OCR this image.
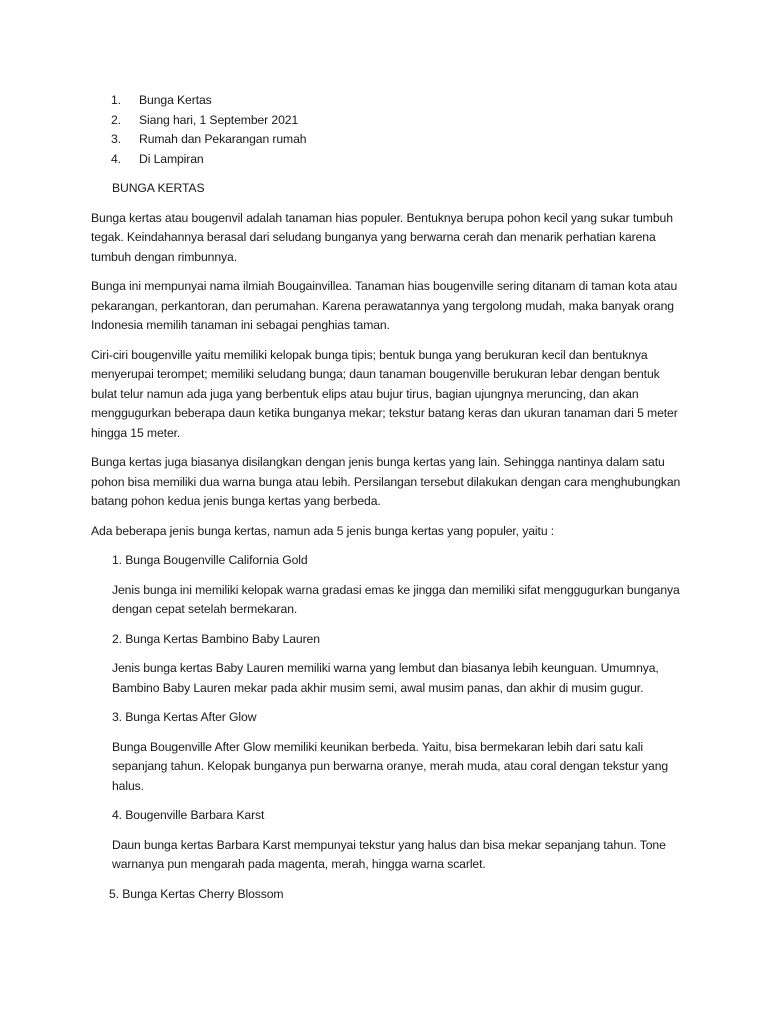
1.	Bunga Kertas
2.	Siang hari, 1 September 2021
3.	Rumah dan Pekarangan rumah
4.	Di Lampiran
BUNGA KERTAS

Bunga kertas atau bougenvil adalah tanaman hias populer. Bentuknya berupa pohon kecil yang sukar tumbuh tegak. Keindahannya berasal dari seludang bunganya yang berwarna cerah dan menarik perhatian karena tumbuh dengan rimbunnya.

Bunga ini mempunyai nama ilmiah Bougainvillea. Tanaman hias bougenville sering ditanam di taman kota atau pekarangan, perkantoran, dan perumahan. Karena perawatannya yang tergolong mudah, maka banyak orang Indonesia memilih tanaman ini sebagai penghias taman.

Ciri-ciri bougenville yaitu memiliki kelopak bunga tipis; bentuk bunga yang berukuran kecil dan bentuknya menyerupai terompet; memiliki seludang bunga; daun tanaman bougenville berukuran lebar dengan bentuk bulat telur namun ada juga yang berbentuk elips atau bujur tirus, bagian ujungnya meruncing, dan akan menggugurkan beberapa daun ketika bunganya mekar; tekstur batang keras dan ukuran tanaman dari 5 meter hingga 15 meter.

Bunga kertas juga biasanya disilangkan dengan jenis bunga kertas yang lain. Sehingga nantinya dalam satu pohon bisa memiliki dua warna bunga atau lebih. Persilangan tersebut dilakukan dengan cara menghubungkan batang pohon kedua jenis bunga kertas yang berbeda.

Ada beberapa jenis bunga kertas, namun ada 5 jenis bunga kertas yang populer, yaitu :

1. Bunga Bougenville California Gold

Jenis bunga ini memiliki kelopak warna gradasi emas ke jingga dan memiliki sifat menggugurkan bunganya dengan cepat setelah bermekaran.

2. Bunga Kertas Bambino Baby Lauren

Jenis bunga kertas Baby Lauren memiliki warna yang lembut dan biasanya lebih keunguan. Umumnya, Bambino Baby Lauren mekar pada akhir musim semi, awal musim panas, dan akhir di musim gugur.

3. Bunga Kertas After Glow

Bunga Bougenville After Glow memiliki keunikan berbeda. Yaitu, bisa bermekaran lebih dari satu kali sepanjang tahun. Kelopak bunganya pun berwarna oranye, merah muda, atau coral dengan tekstur yang halus.

4. Bougenville Barbara Karst

Daun bunga kertas Barbara Karst mempunyai tekstur yang halus dan bisa mekar sepanjang tahun. Tone warnanya pun mengarah pada magenta, merah, hingga warna scarlet.

5. Bunga Kertas Cherry Blossom
